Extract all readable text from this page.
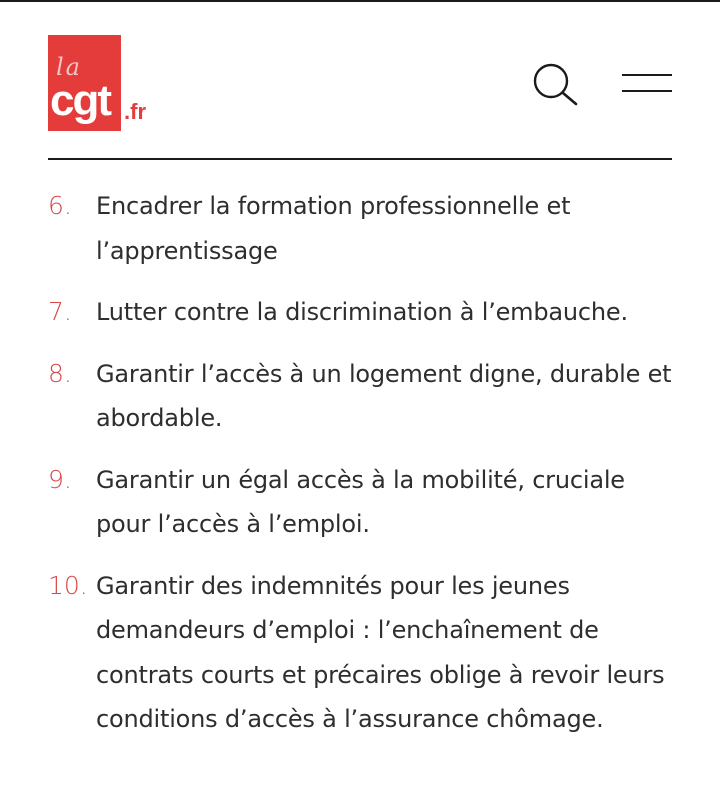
la
cgt .fr
6. Encadrer la formation professionnelle et l’apprentissage
7. Lutter contre la discrimination à l’embauche.
8. Garantir l’accès à un logement digne, durable et abordable.
9. Garantir un égal accès à la mobilité, cruciale pour l’accès à l’emploi.
10. Garantir des indemnités pour les jeunes demandeurs d’emploi : l’enchaînement de contrats courts et précaires oblige à revoir leurs conditions d’accès à l’assurance chômage.
